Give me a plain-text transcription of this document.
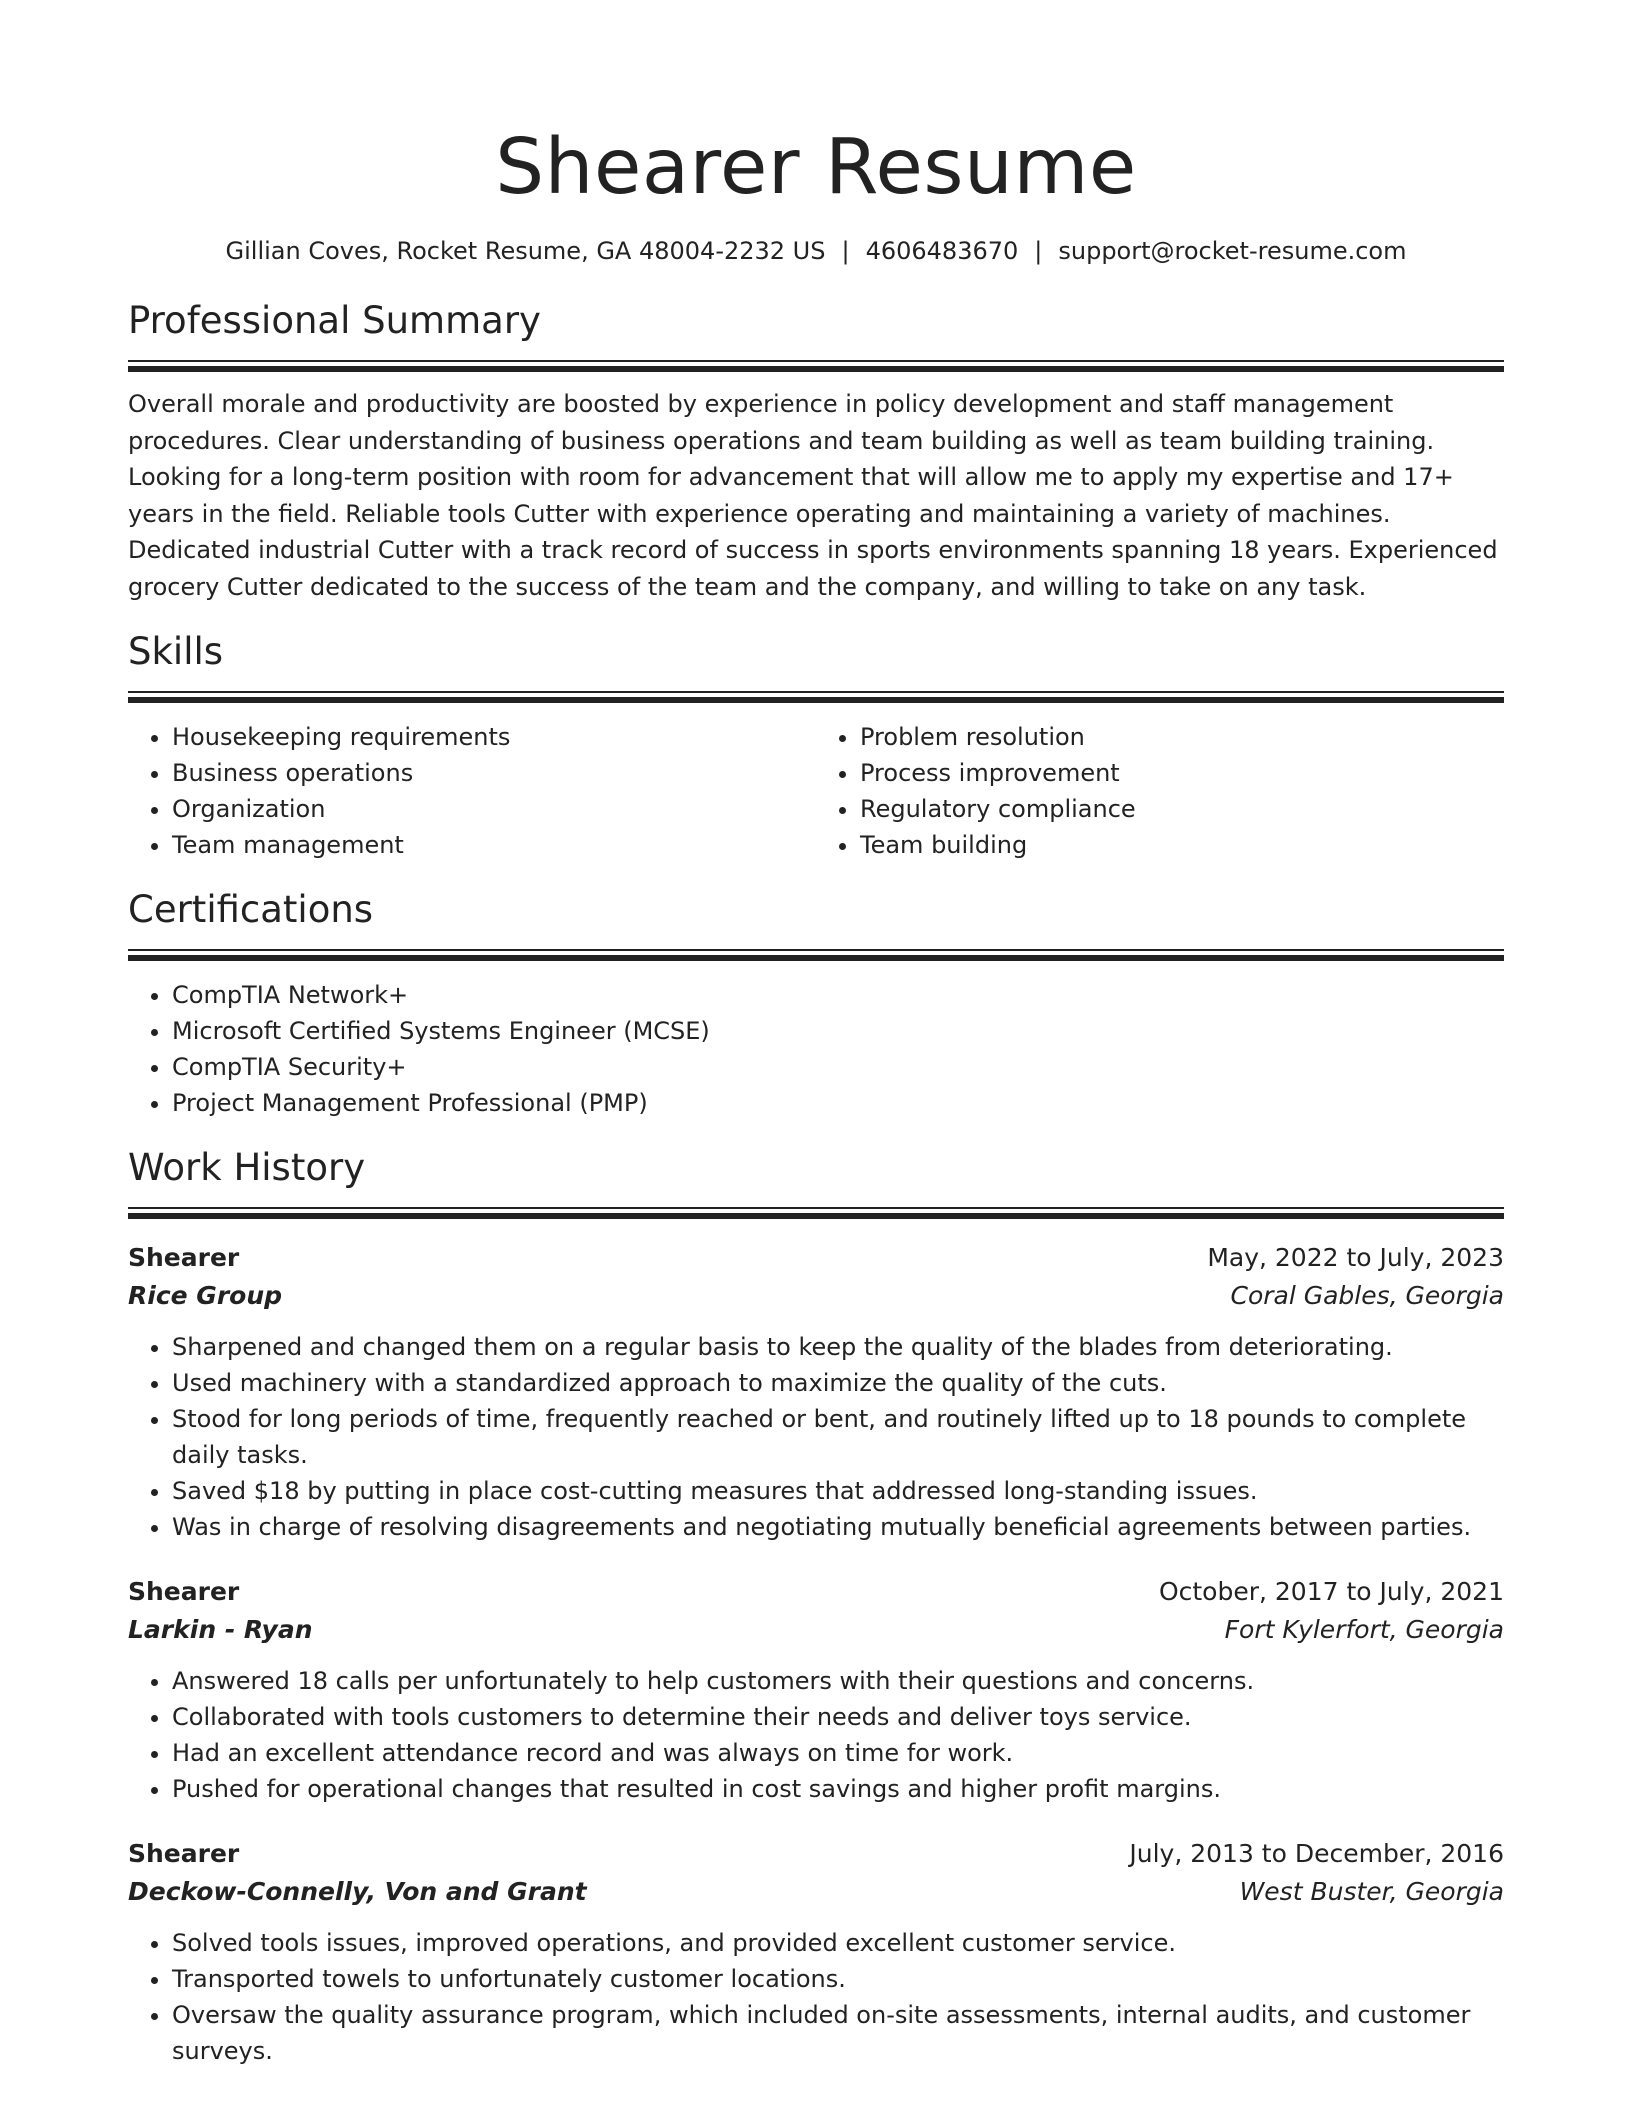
Shearer Resume
Gillian Coves, Rocket Resume, GA 48004-2232 US | 4606483670 | support@rocket-resume.com
Professional Summary
Overall morale and productivity are boosted by experience in policy development and staff management procedures. Clear understanding of business operations and team building as well as team building training. Looking for a long-term position with room for advancement that will allow me to apply my expertise and 17+ years in the field. Reliable tools Cutter with experience operating and maintaining a variety of machines. Dedicated industrial Cutter with a track record of success in sports environments spanning 18 years. Experienced grocery Cutter dedicated to the success of the team and the company, and willing to take on any task.
Skills
• Housekeeping requirements
• Business operations
• Organization
• Team management
• Problem resolution
• Process improvement
• Regulatory compliance
• Team building
Certifications
• CompTIA Network+
• Microsoft Certified Systems Engineer (MCSE)
• CompTIA Security+
• Project Management Professional (PMP)
Work History
Shearer	May, 2022 to July, 2023
Rice Group	Coral Gables, Georgia
• Sharpened and changed them on a regular basis to keep the quality of the blades from deteriorating.
• Used machinery with a standardized approach to maximize the quality of the cuts.
• Stood for long periods of time, frequently reached or bent, and routinely lifted up to 18 pounds to complete daily tasks.
• Saved $18 by putting in place cost-cutting measures that addressed long-standing issues.
• Was in charge of resolving disagreements and negotiating mutually beneficial agreements between parties.
Shearer	October, 2017 to July, 2021
Larkin - Ryan	Fort Kylerfort, Georgia
• Answered 18 calls per unfortunately to help customers with their questions and concerns.
• Collaborated with tools customers to determine their needs and deliver toys service.
• Had an excellent attendance record and was always on time for work.
• Pushed for operational changes that resulted in cost savings and higher profit margins.
Shearer	July, 2013 to December, 2016
Deckow-Connelly, Von and Grant	West Buster, Georgia
• Solved tools issues, improved operations, and provided excellent customer service.
• Transported towels to unfortunately customer locations.
• Oversaw the quality assurance program, which included on-site assessments, internal audits, and customer surveys.
